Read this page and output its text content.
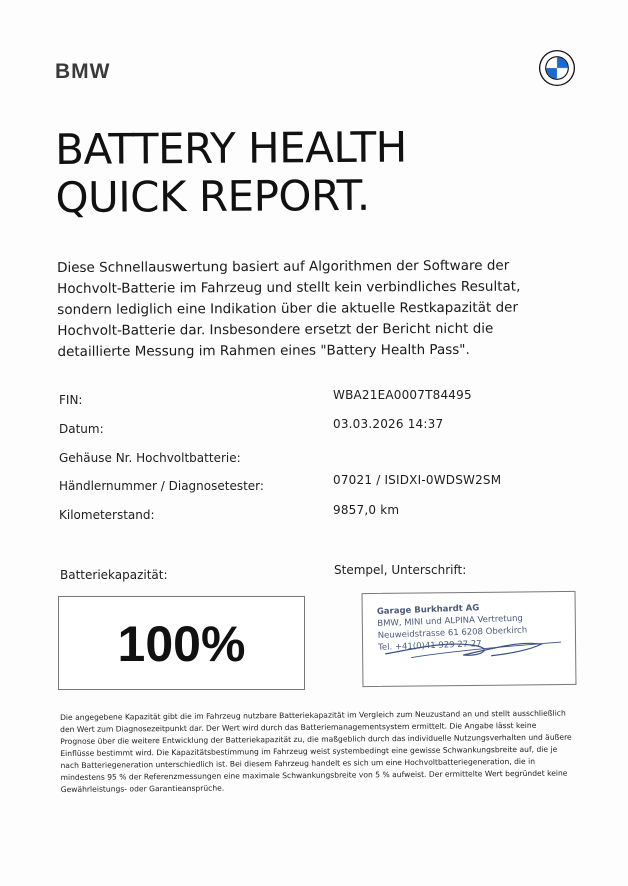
BMW
BATTERY HEALTH
QUICK REPORT.

Diese Schnellauswertung basiert auf Algorithmen der Software der Hochvolt-Batterie im Fahrzeug und stellt kein verbindliches Resultat, sondern lediglich eine Indikation über die aktuelle Restkapazität der Hochvolt-Batterie dar. Insbesondere ersetzt der Bericht nicht die detaillierte Messung im Rahmen eines "Battery Health Pass".

FIN:	WBA21EA0007T84495
Datum:	03.03.2026 14:37
Gehäuse Nr. Hochvoltbatterie:
Händlernummer / Diagnosetester:	07021 / ISIDXI-0WDSW2SM
Kilometerstand:	9857,0 km
Batteriekapazität:	Stempel, Unterschrift:
100%
Garage Burkhardt AG
BMW, MINI und ALPINA Vertretung
Neuweidstrasse 61 6208 Oberkirch
Tel. +41(0)41 929 27 27

Die angegebene Kapazität gibt die im Fahrzeug nutzbare Batteriekapazität im Vergleich zum Neuzustand an und stellt ausschließlich den Wert zum Diagnosezeitpunkt dar. Der Wert wird durch das Batteriemanagementsystem ermittelt. Die Angabe lässt keine Prognose über die weitere Entwicklung der Batteriekapazität zu, die maßgeblich durch das individuelle Nutzungsverhalten und äußere Einflüsse bestimmt wird. Die Kapazitätsbestimmung im Fahrzeug weist systembedingt eine gewisse Schwankungsbreite auf, die je nach Batteriegeneration unterschiedlich ist. Bei diesem Fahrzeug handelt es sich um eine Hochvoltbatteriegeneration, die in mindestens 95 % der Referenzmessungen eine maximale Schwankungsbreite von 5 % aufweist. Der ermittelte Wert begründet keine Gewährleistungs- oder Garantieansprüche.
